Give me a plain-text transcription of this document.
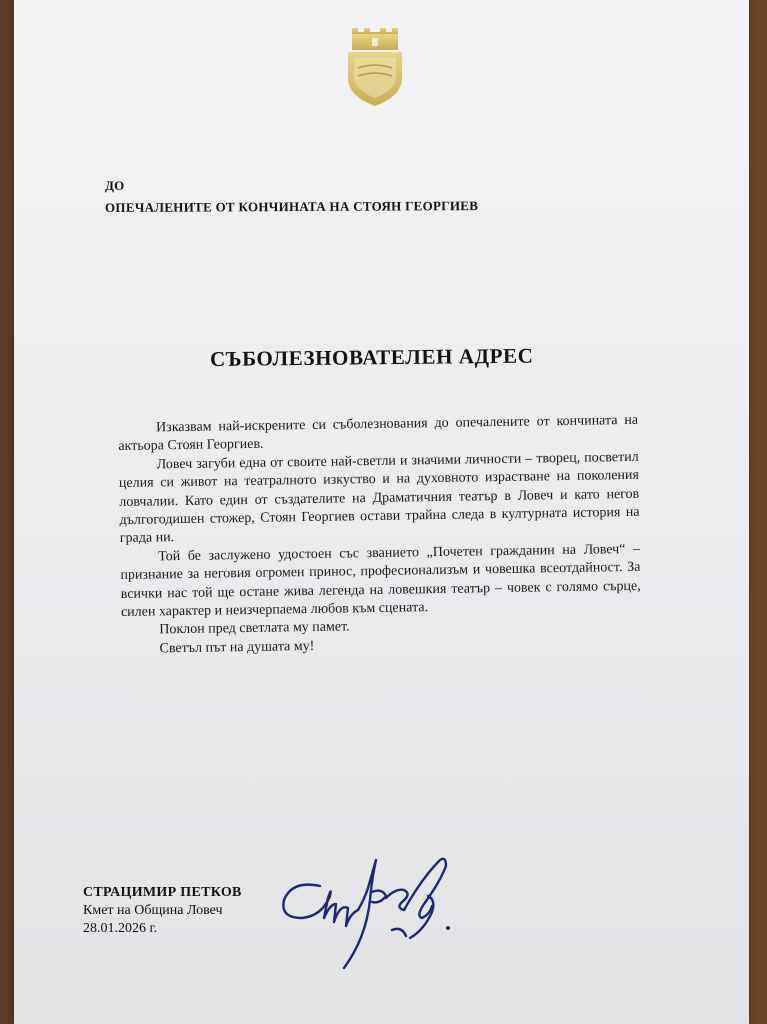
ДО
ОПЕЧАЛЕНИТЕ ОТ КОНЧИНАТА НА СТОЯН ГЕОРГИЕВ
СЪБОЛЕЗНОВАТЕЛЕН АДРЕС

Изказвам най-искрените си съболезнования до опечалените от кончината на актьора Стоян Георгиев.

Ловеч загуби една от своите най-светли и значими личности – творец, посветил целия си живот на театралното изкуство и на духовното израстване на поколения ловчалии. Като един от създателите на Драматичния театър в Ловеч и като негов дългогодишен стожер, Стоян Георгиев остави трайна следа в културната история на града ни.

Той бе заслужено удостоен със званието „Почетен гражданин на Ловеч“ – признание за неговия огромен принос, професионализъм и човешка всеотдайност. За всички нас той ще остане жива легенда на ловешкия театър – човек с голямо сърце, силен характер и неизчерпаема любов към сцената.

Поклон пред светлата му памет.

Светъл път на душата му!

СТРАЦИМИР ПЕТКОВ
Кмет на Община Ловеч
28.01.2026 г.
